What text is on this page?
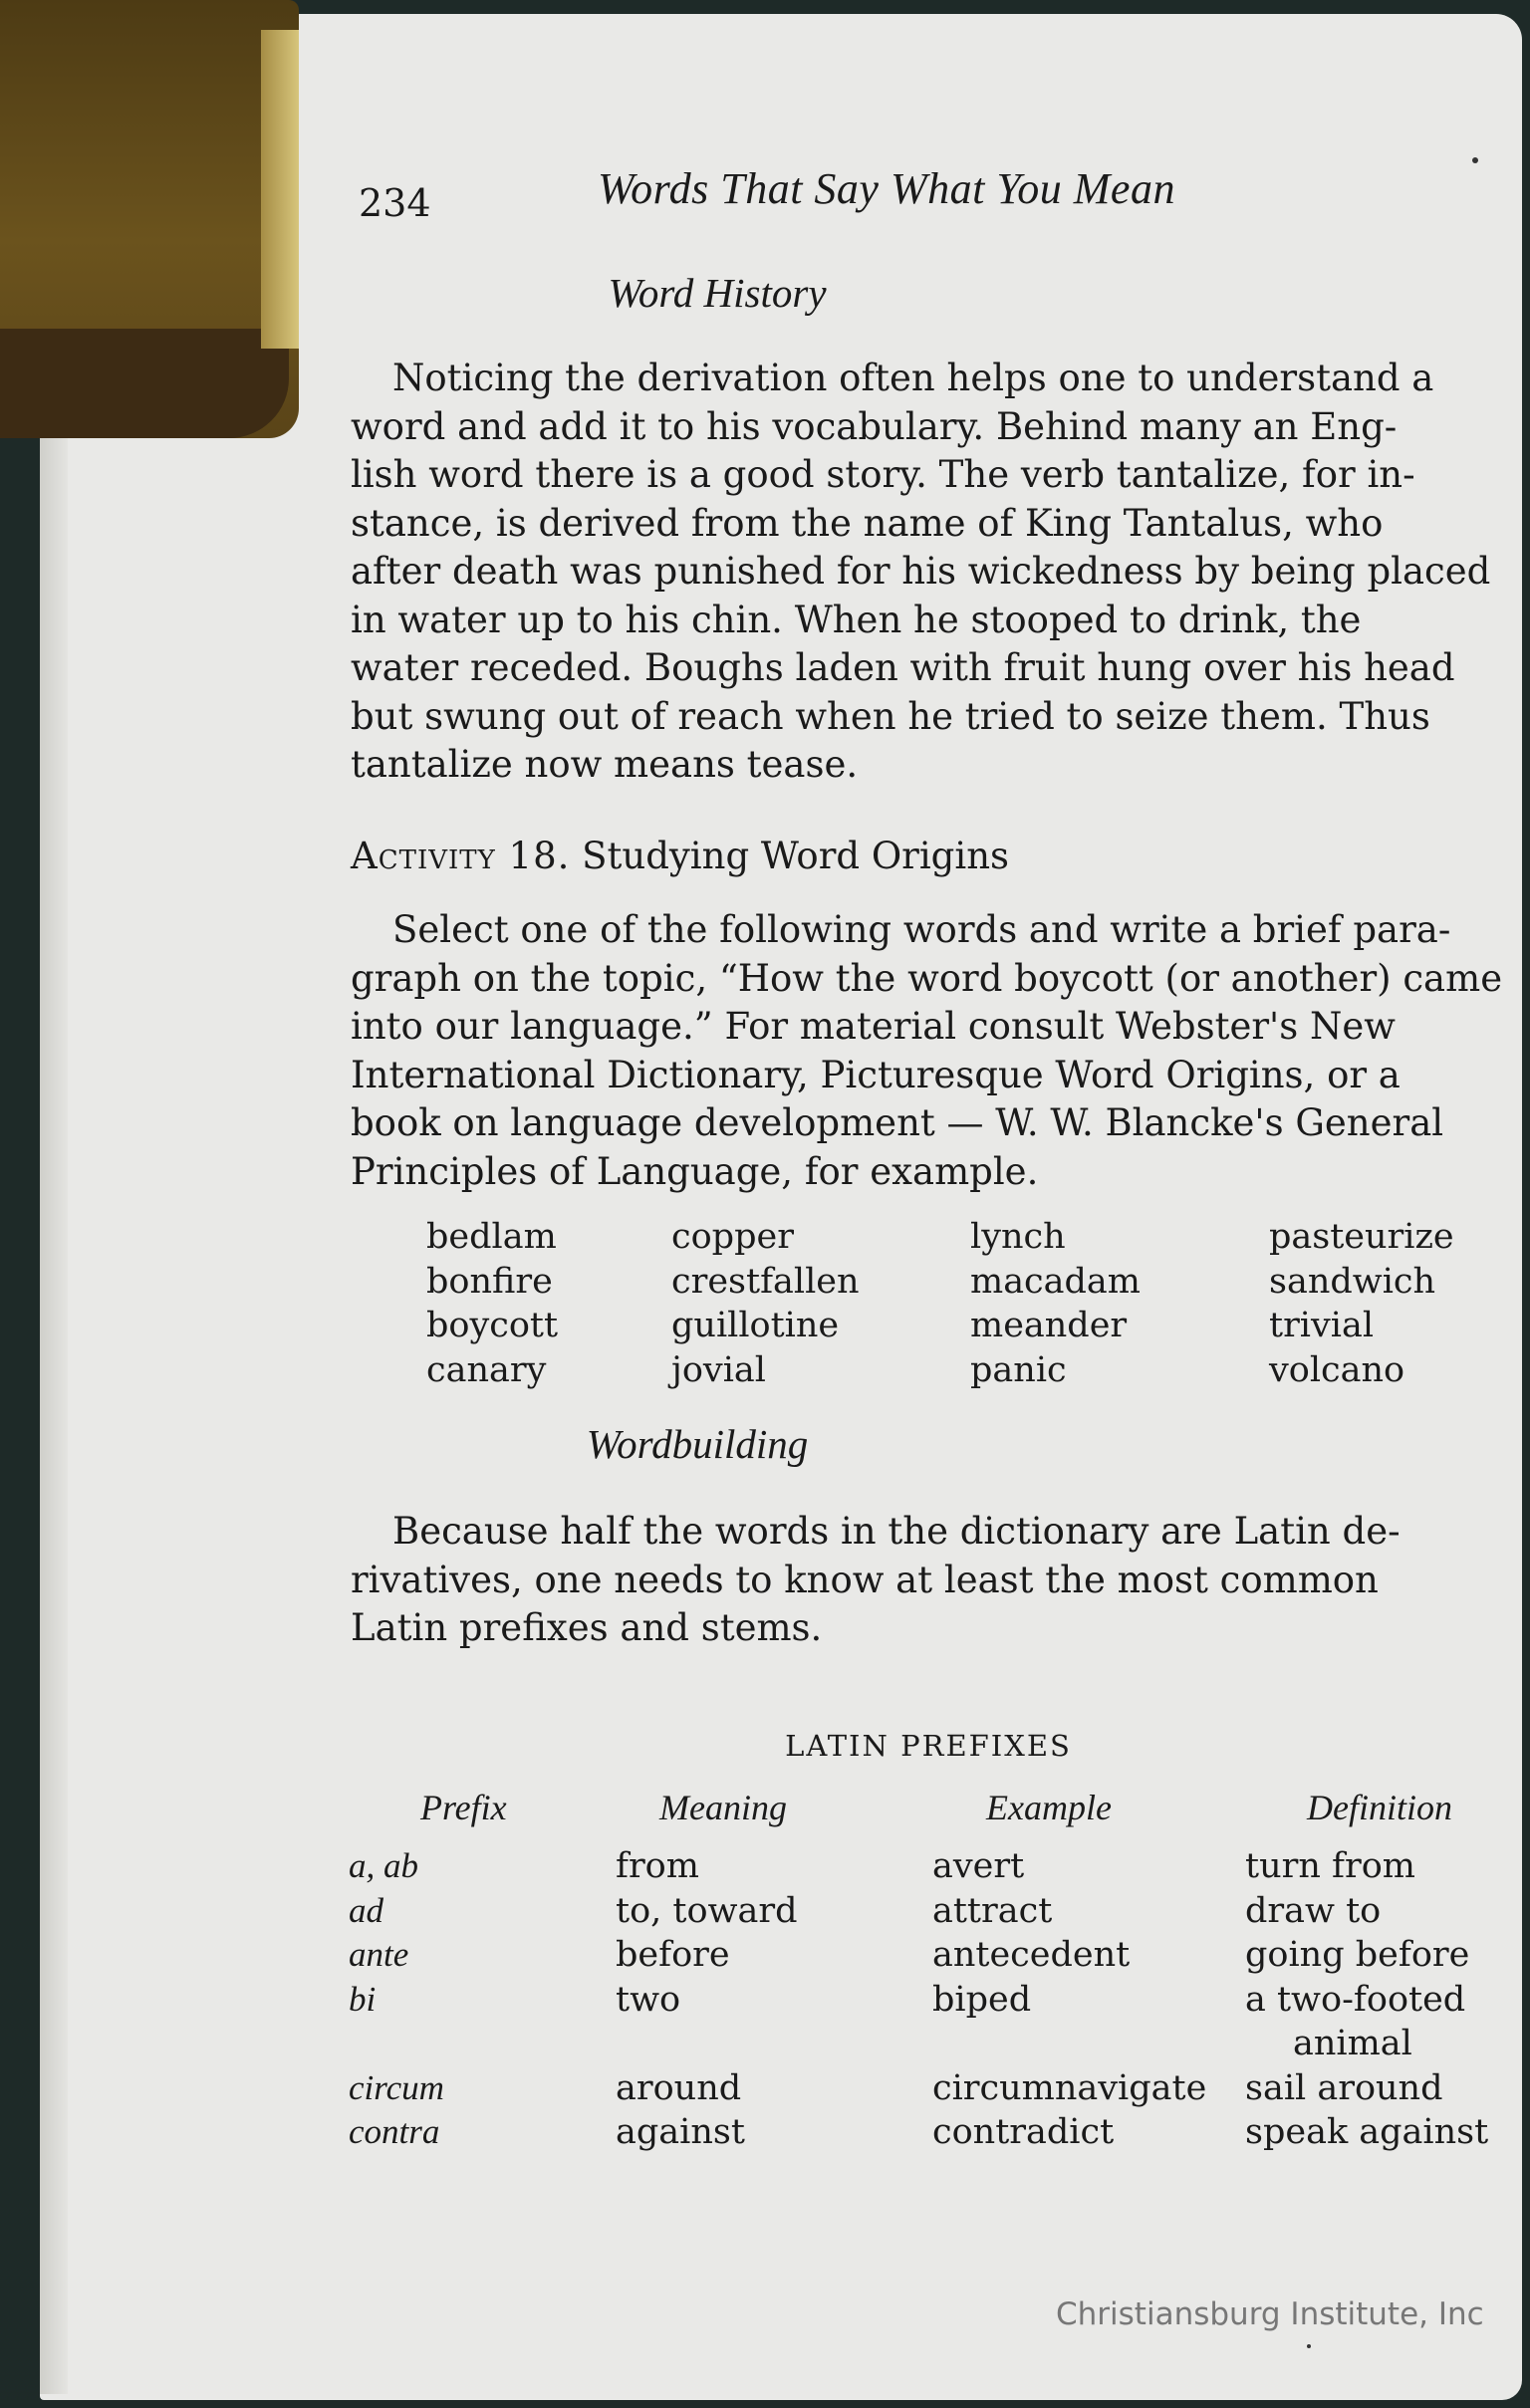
234	Words That Say What You Mean
Word History
Noticing the derivation often helps one to understand a
word and add it to his vocabulary. Behind many an Eng-
lish word there is a good story. The verb tantalize, for in-
stance, is derived from the name of King Tantalus, who
after death was punished for his wickedness by being placed
in water up to his chin. When he stooped to drink, the
water receded. Boughs laden with fruit hung over his head
but swung out of reach when he tried to seize them. Thus
tantalize now means tease.
Activity 18. Studying Word Origins
Select one of the following words and write a brief para-
graph on the topic, “How the word boycott (or another) came
into our language.” For material consult Webster's New
International Dictionary, Picturesque Word Origins, or a
book on language development — W. W. Blancke's General
Principles of Language, for example.
bedlam	copper	lynch	pasteurize
bonfire	crestfallen	macadam	sandwich
boycott	guillotine	meander	trivial
canary	jovial	panic	volcano
Wordbuilding
Because half the words in the dictionary are Latin de-
rivatives, one needs to know at least the most common
Latin prefixes and stems.
LATIN PREFIXES
Prefix	Meaning	Example	Definition
a, ab	from	avert	turn from
ad	to, toward	attract	draw to
ante	before	antecedent	going before
bi	two	biped	a two-footed
animal
circum	around	circumnavigate	sail around
contra	against	contradict	speak against
Christiansburg Institute, Inc
